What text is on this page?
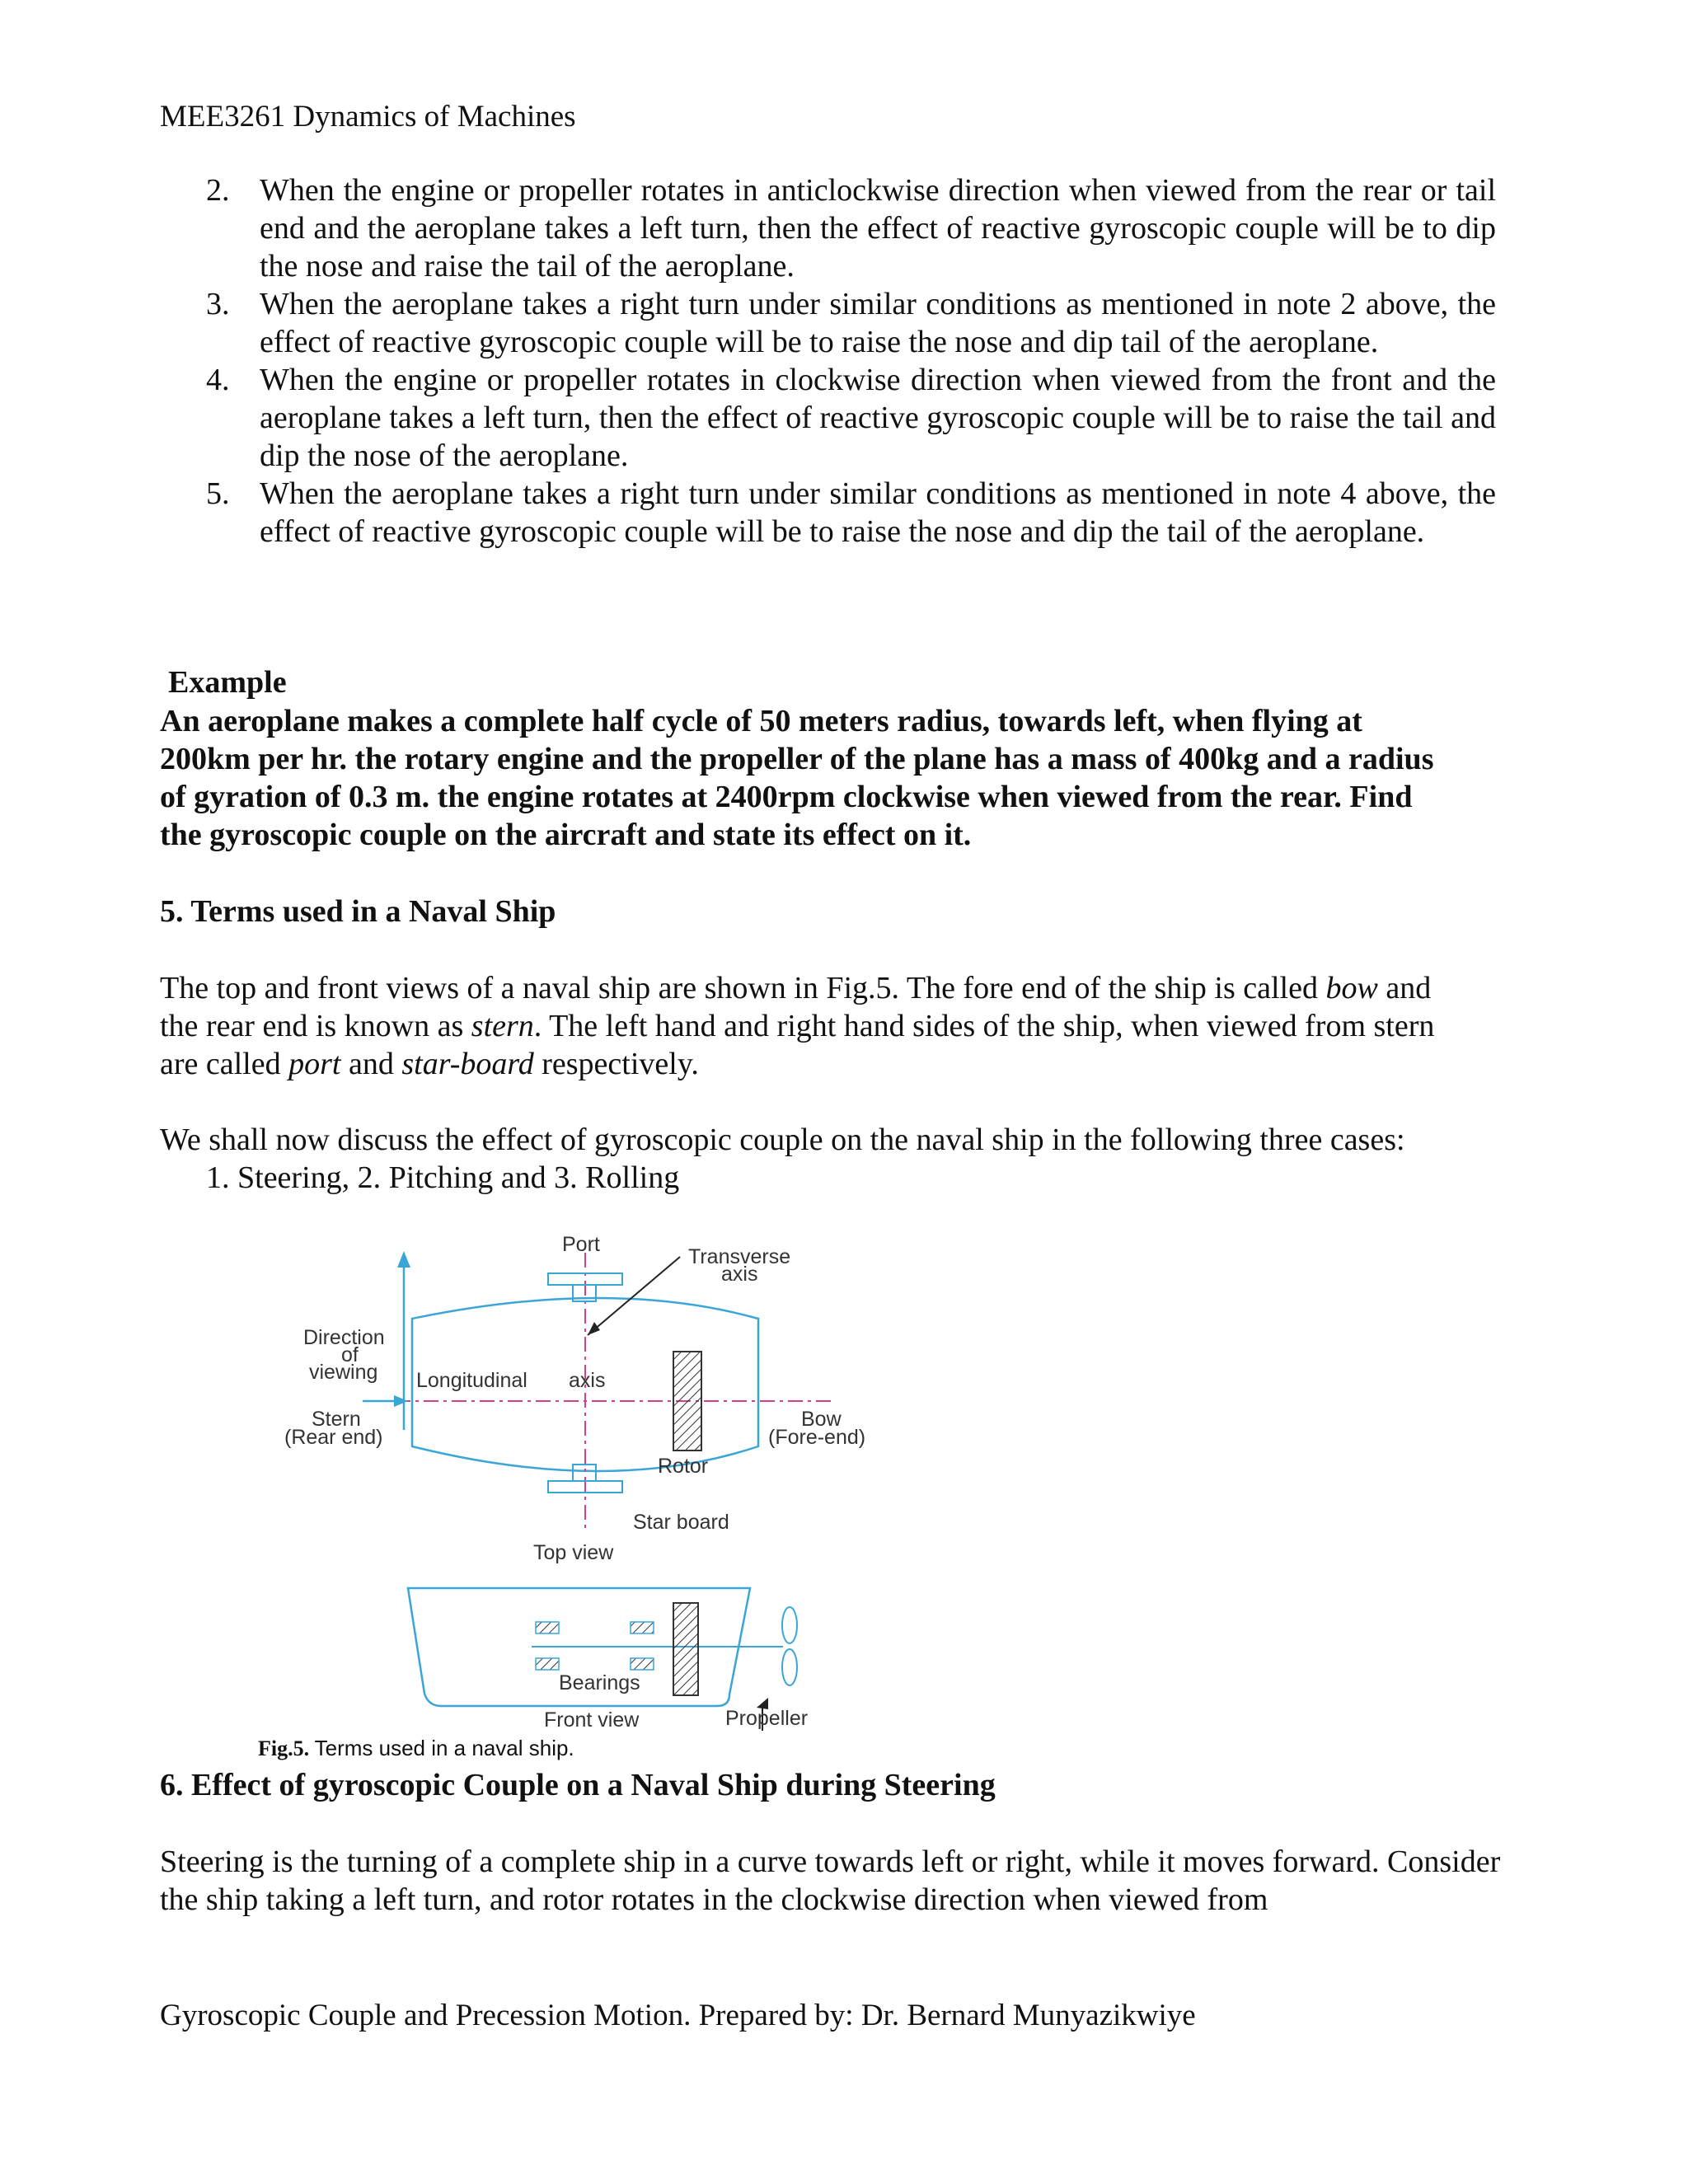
MEE3261 Dynamics of Machines
2. When the engine or propeller rotates in anticlockwise direction when viewed from the rear or tail end and the aeroplane takes a left turn, then the effect of reactive gyroscopic couple will be to dip the nose and raise the tail of the aeroplane.
3. When the aeroplane takes a right turn under similar conditions as mentioned in note 2 above, the effect of reactive gyroscopic couple will be to raise the nose and dip tail of the aeroplane.
4. When the engine or propeller rotates in clockwise direction when viewed from the front and the aeroplane takes a left turn, then the effect of reactive gyroscopic couple will be to raise the tail and dip the nose of the aeroplane.
5. When the aeroplane takes a right turn under similar conditions as mentioned in note 4 above, the effect of reactive gyroscopic couple will be to raise the nose and dip the tail of the aeroplane.
Example
An aeroplane makes a complete half cycle of 50 meters radius, towards left, when flying at 200km per hr. the rotary engine and the propeller of the plane has a mass of 400kg and a radius of gyration of 0.3 m. the engine rotates at 2400rpm clockwise when viewed from the rear. Find the gyroscopic couple on the aircraft and state its effect on it.
5. Terms used in a Naval Ship
The top and front views of a naval ship are shown in Fig.5. The fore end of the ship is called bow and the rear end is known as stern. The left hand and right hand sides of the ship, when viewed from stern are called port and star-board respectively.
We shall now discuss the effect of gyroscopic couple on the naval ship in the following three cases:
1. Steering, 2. Pitching and 3. Rolling
Port
Transverse
axis
Direction
of
viewing Longitudinal axis
Stern
(Rear end)
Bow
(Fore-end)
Rotor
Star board
Top view
Bearings
Front view	Propeller
Fig.5. Terms used in a naval ship.
6. Effect of gyroscopic Couple on a Naval Ship during Steering
Steering is the turning of a complete ship in a curve towards left or right, while it moves forward. Consider the ship taking a left turn, and rotor rotates in the clockwise direction when viewed from
Gyroscopic Couple and Precession Motion. Prepared by: Dr. Bernard Munyazikwiye
